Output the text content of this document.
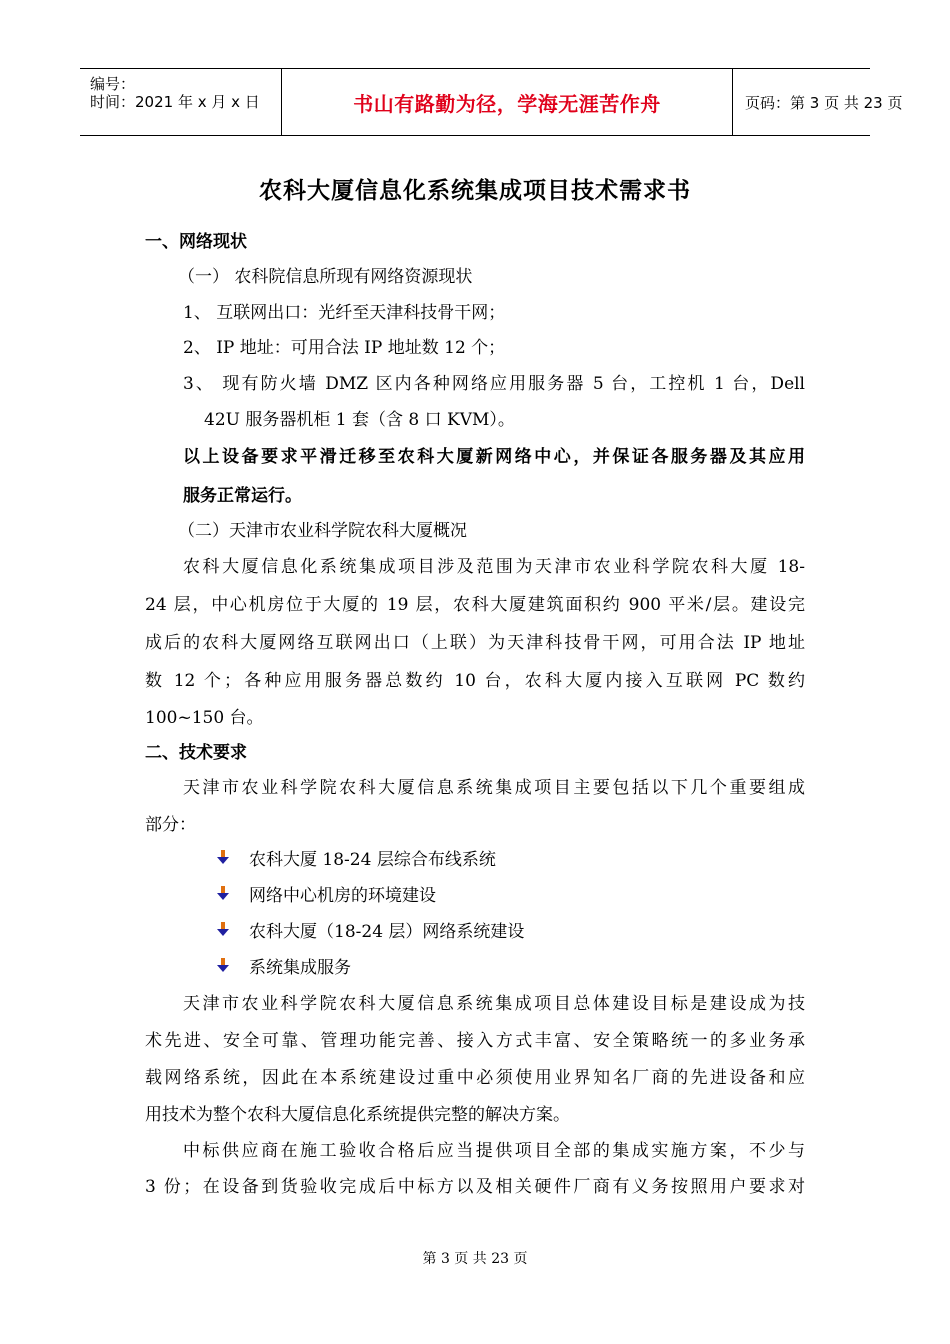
编号：
时间：2021 年 x 月 x 日	书山有路勤为径，学海无涯苦作舟	页码：第 3 页 共 23 页
农科大厦信息化系统集成项目技术需求书
一、网络现状
（一） 农科院信息所现有网络资源现状
1、 互联网出口：光纤至天津科技骨干网；
2、 IP 地址：可用合法 IP 地址数 12 个；
3、 现有防火墙 DMZ 区内各种网络应用服务器 5 台，工控机 1 台，Dell
42U 服务器机柜 1 套（含 8 口 KVM）。
以上设备要求平滑迁移至农科大厦新网络中心，并保证各服务器及其应用
服务正常运行。
（二）天津市农业科学院农科大厦概况
农科大厦信息化系统集成项目涉及范围为天津市农业科学院农科大厦 18-
24 层，中心机房位于大厦的 19 层，农科大厦建筑面积约 900 平米/层。建设完
成后的农科大厦网络互联网出口（上联）为天津科技骨干网，可用合法 IP 地址
数 12 个；各种应用服务器总数约 10 台，农科大厦内接入互联网 PC 数约
100~150 台。
二、技术要求
天津市农业科学院农科大厦信息系统集成项目主要包括以下几个重要组成
部分：
农科大厦 18-24 层综合布线系统
网络中心机房的环境建设
农科大厦（18-24 层）网络系统建设
系统集成服务
天津市农业科学院农科大厦信息系统集成项目总体建设目标是建设成为技
术先进、安全可靠、管理功能完善、接入方式丰富、安全策略统一的多业务承
载网络系统，因此在本系统建设过重中必须使用业界知名厂商的先进设备和应
用技术为整个农科大厦信息化系统提供完整的解决方案。
中标供应商在施工验收合格后应当提供项目全部的集成实施方案，不少与
3 份；在设备到货验收完成后中标方以及相关硬件厂商有义务按照用户要求对
第 3 页 共 23 页
